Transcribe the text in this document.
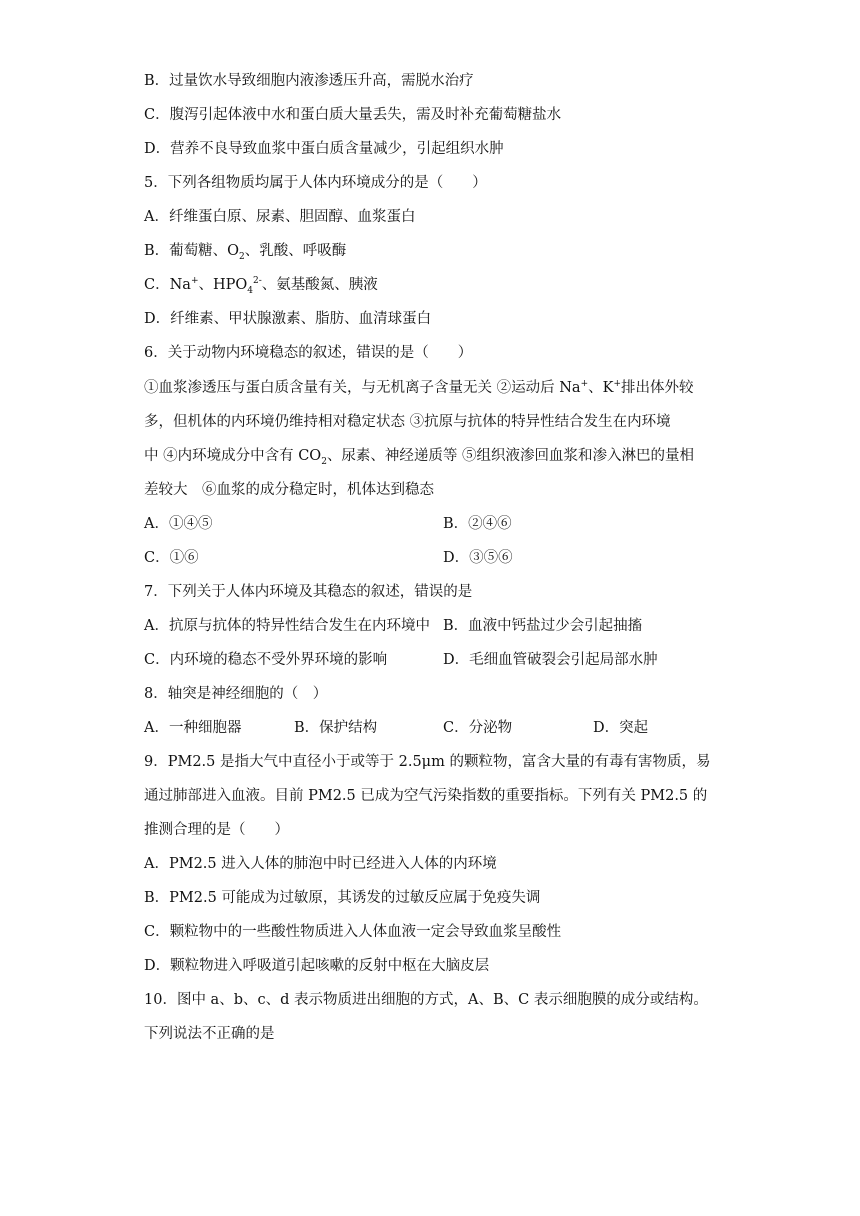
B．过量饮水导致细胞内液渗透压升高，需脱水治疗
C．腹泻引起体液中水和蛋白质大量丢失，需及时补充葡萄糖盐水
D．营养不良导致血浆中蛋白质含量减少，引起组织水肿
5．下列各组物质均属于人体内环境成分的是（　　）
A．纤维蛋白原、尿素、胆固醇、血浆蛋白
B．葡萄糖、$O_2$、乳酸、呼吸酶
C．Na+、$HPO_4^{2-}$、氨基酸氮、胰液
D．纤维素、甲状腺激素、脂肪、血清球蛋白
6．关于动物内环境稳态的叙述，错误的是（　　）
①血浆渗透压与蛋白质含量有关，与无机离子含量无关 ②运动后 Na+、K+排出体外较
多，但机体的内环境仍维持相对稳定状态 ③抗原与抗体的特异性结合发生在内环境
中 ④内环境成分中含有 $CO_2$、尿素、神经递质等 ⑤组织液渗回血浆和渗入淋巴的量相
差较大　⑥血浆的成分稳定时，机体达到稳态
A．①④⑤	B．②④⑥
C．①⑥	D．③⑤⑥
7．下列关于人体内环境及其稳态的叙述，错误的是
A．抗原与抗体的特异性结合发生在内环境中 B．血液中钙盐过少会引起抽搐
C．内环境的稳态不受外界环境的影响	D．毛细血管破裂会引起局部水肿
8．轴突是神经细胞的（　）
A．一种细胞器	B．保护结构	C．分泌物	D．突起
9．PM2.5 是指大气中直径小于或等于 2.5μm 的颗粒物，富含大量的有毒有害物质，易
通过肺部进入血液。目前 PM2.5 已成为空气污染指数的重要指标。下列有关 PM2.5 的
推测合理的是（　　）
A．PM2.5 进入人体的肺泡中时已经进入人体的内环境
B．PM2.5 可能成为过敏原，其诱发的过敏反应属于免疫失调
C．颗粒物中的一些酸性物质进入人体血液一定会导致血浆呈酸性
D．颗粒物进入呼吸道引起咳嗽的反射中枢在大脑皮层
10．图中 a、b、c、d 表示物质进出细胞的方式，A、B、C 表示细胞膜的成分或结构。
下列说法不正确的是
